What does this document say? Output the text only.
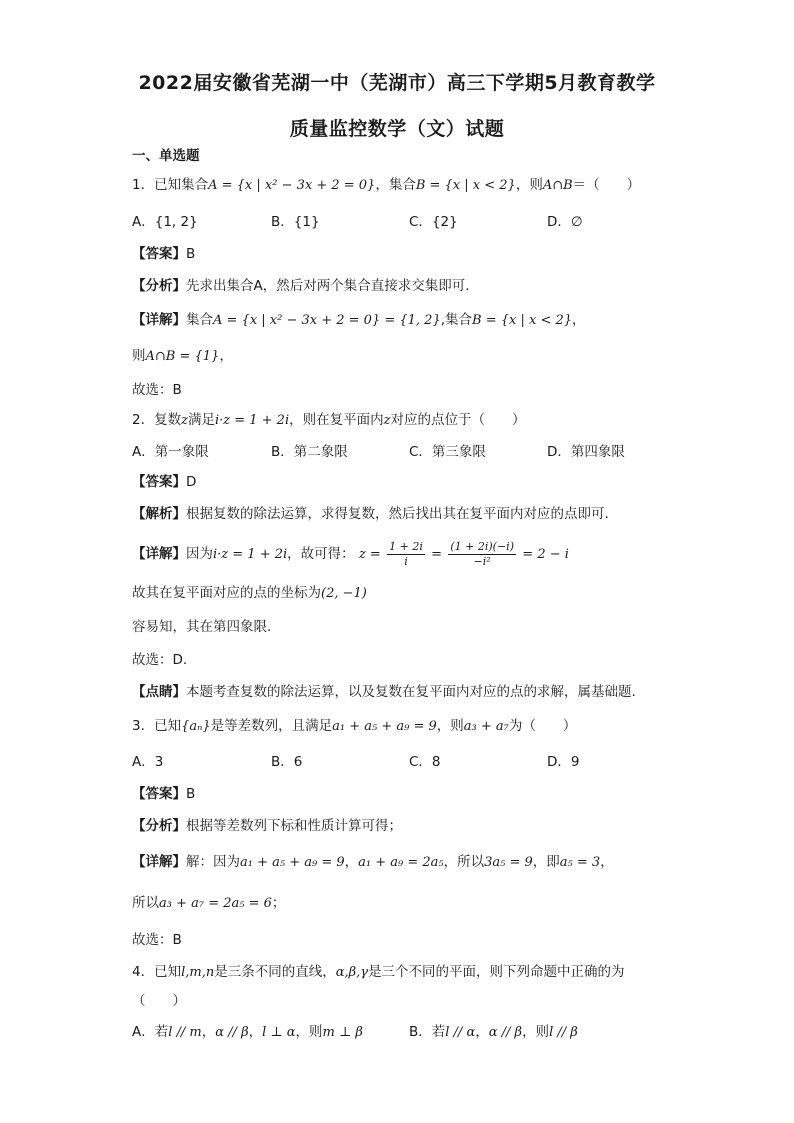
2022届安徽省芜湖一中（芜湖市）高三下学期5月教育教学
质量监控数学（文）试题
一、单选题
1．已知集合A = {x | x² − 3x + 2 = 0}，集合B = {x | x < 2}，则A∩B＝（　　）
A．{1, 2}	B．{1}	C．{2}	D．∅
【答案】B
【分析】先求出集合A，然后对两个集合直接求交集即可.
【详解】集合A = {x | x² − 3x + 2 = 0} = {1, 2},集合B = {x | x < 2}，
则A∩B = {1}，
故选：B
2．复数z满足i·z = 1 + 2i，则在复平面内z对应的点位于（　　）
A．第一象限	B．第二象限	C．第三象限	D．第四象限
【答案】D
【解析】根据复数的除法运算，求得复数，然后找出其在复平面内对应的点即可.
【详解】因为i·z = 1 + 2i，故可得： $z = \frac{1 + 2i}{i} = \frac{(1 + 2i)(-i)}{\text{−i²}} = 2 - i$
故其在复平面对应的点的坐标为(2, −1)
容易知，其在第四象限.
故选：D.
【点睛】本题考查复数的除法运算，以及复数在复平面内对应的点的求解，属基础题.
3．已知{aₙ}是等差数列，且满足a₁ + a₅ + a₉ = 9，则a₃ + a₇为（　　）
A．3	B．6	C．8	D．9
【答案】B
【分析】根据等差数列下标和性质计算可得；
【详解】解：因为a₁ + a₅ + a₉ = 9，a₁ + a₉ = 2a₅，所以3a₅ = 9，即a₅ = 3，
所以a₃ + a₇ = 2a₅ = 6；
故选：B
4．已知l,m,n是三条不同的直线，α,β,γ是三个不同的平面，则下列命题中正确的为
（　　）
A．若l // m，α // β，l ⊥ α，则m ⊥ β	B．若l // α，α // β，则l // β
